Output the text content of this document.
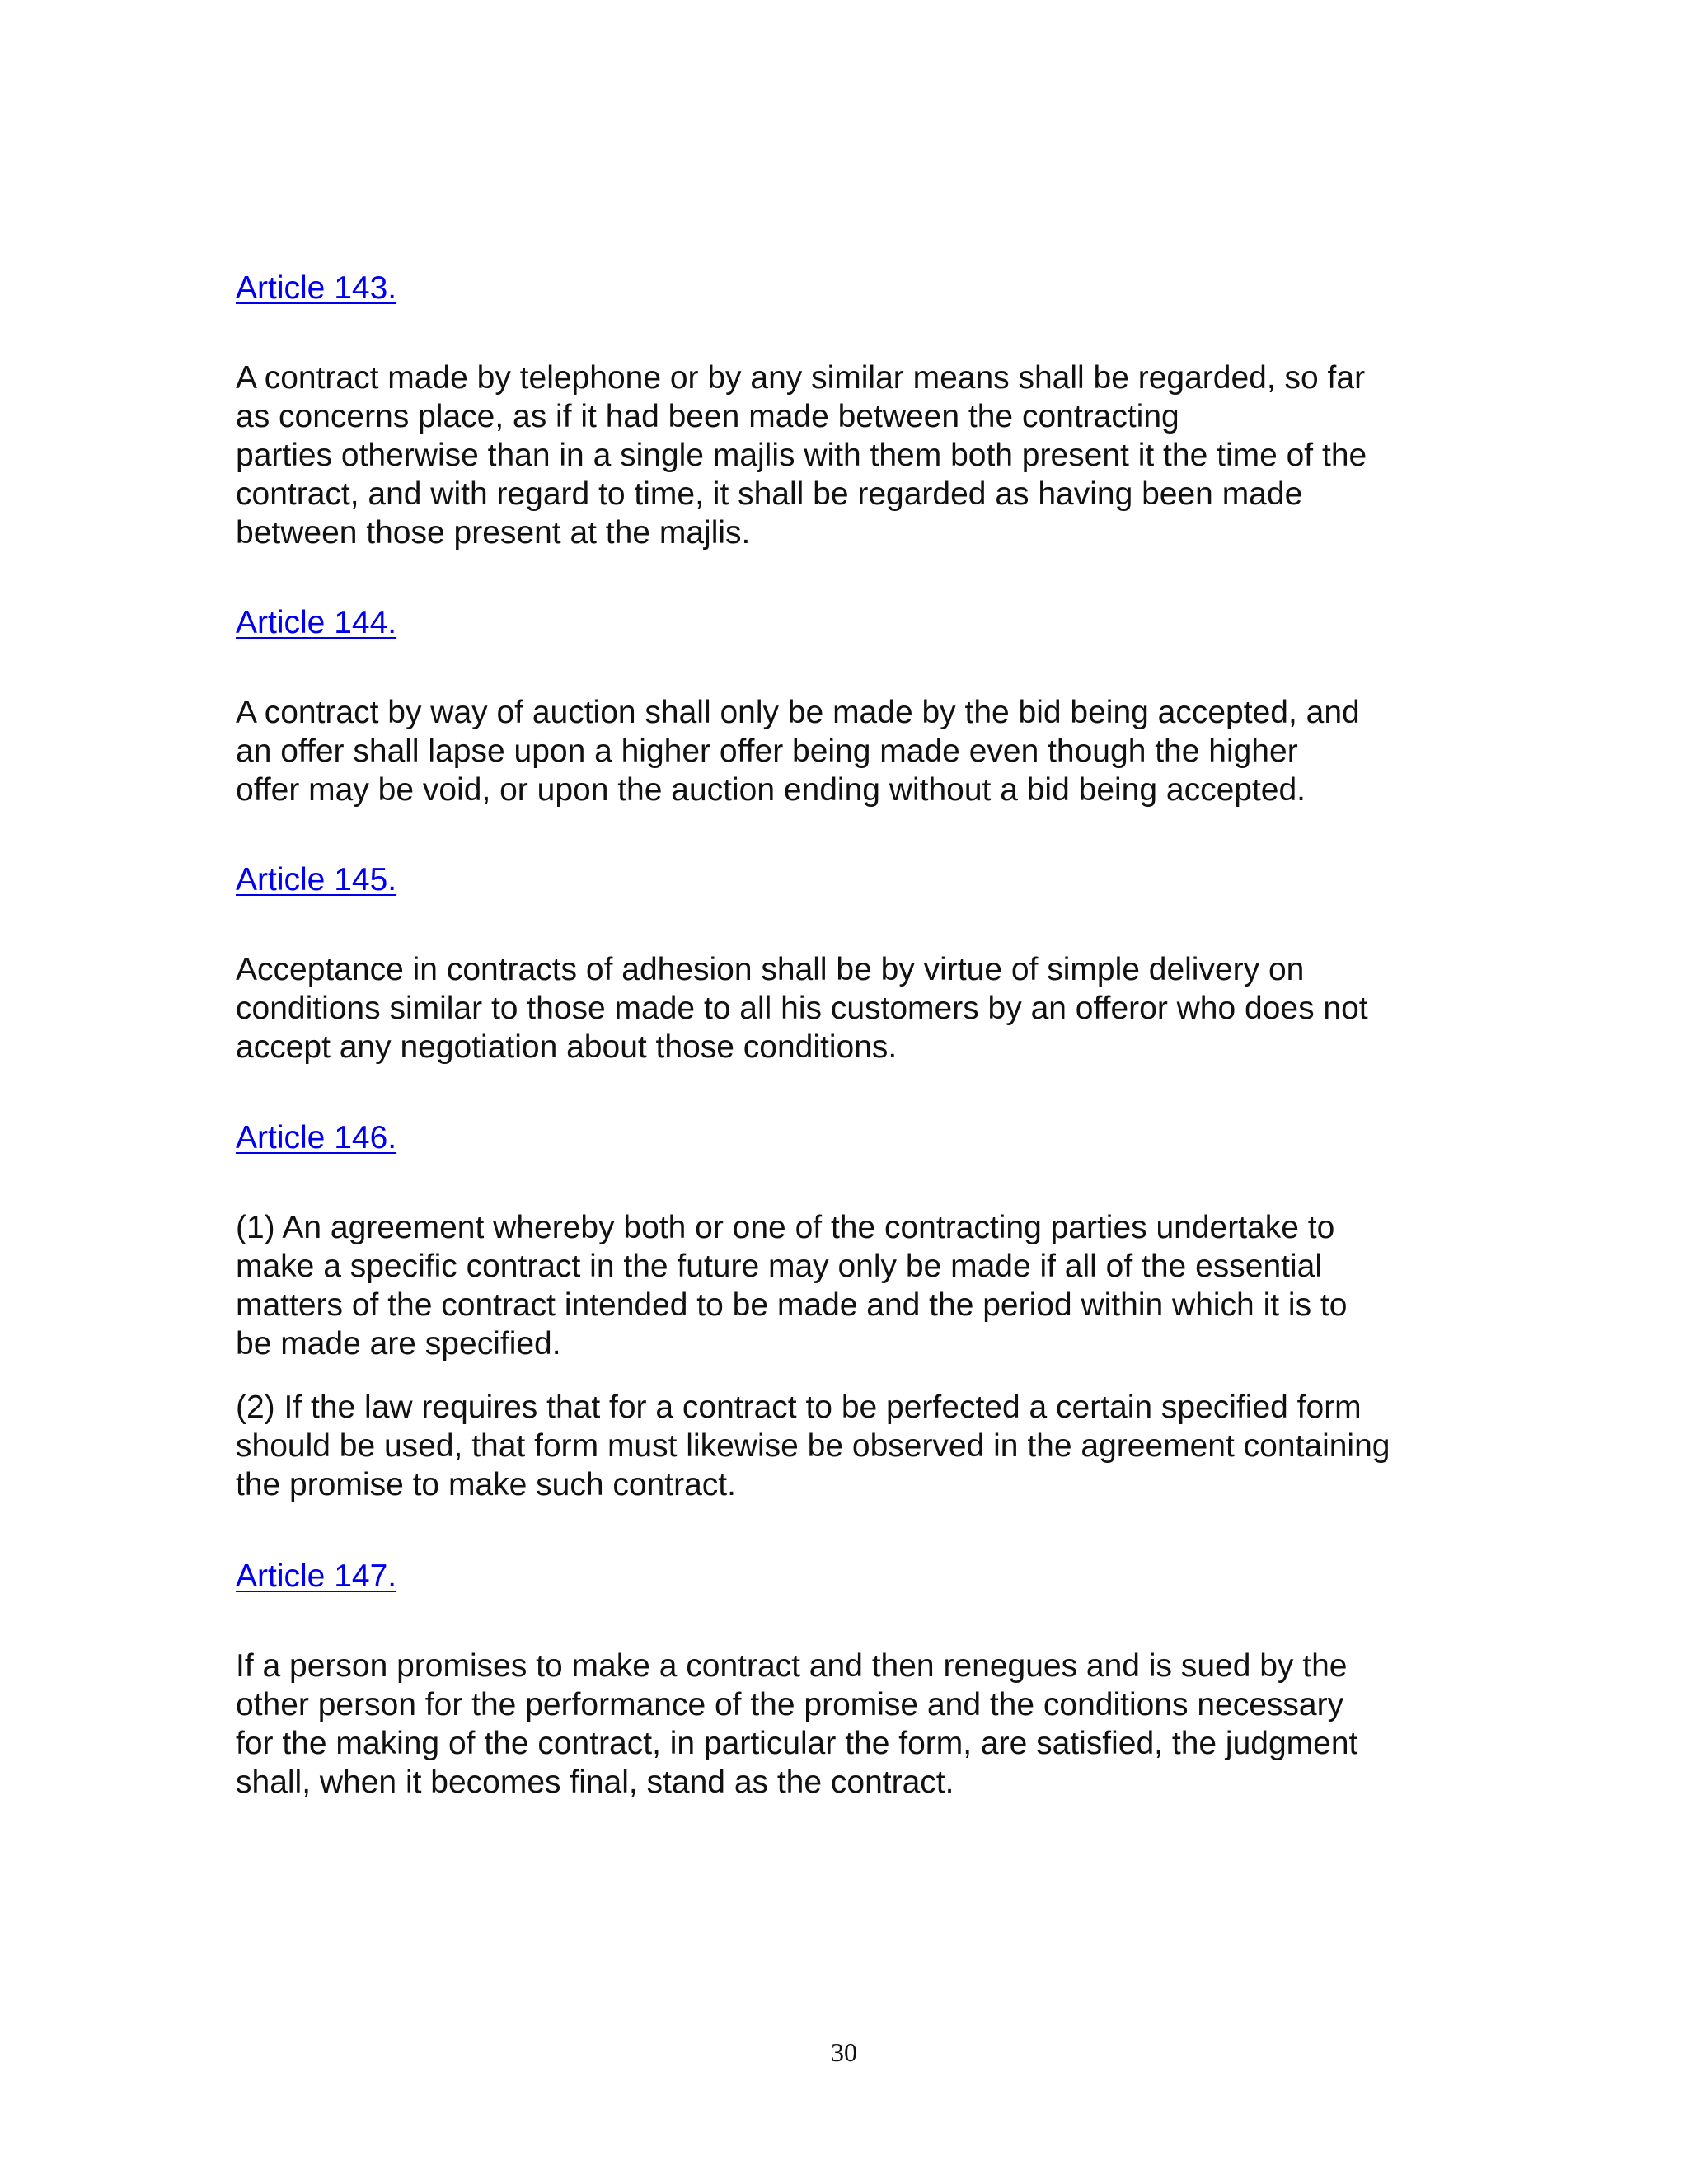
Article 143.

A contract made by telephone or by any similar means shall be regarded, so far
as concerns place, as if it had been made between the contracting
parties otherwise than in a single majlis with them both present it the time of the
contract, and with regard to time, it shall be regarded as having been made
between those present at the majlis.

Article 144.

A contract by way of auction shall only be made by the bid being accepted, and
an offer shall lapse upon a higher offer being made even though the higher
offer may be void, or upon the auction ending without a bid being accepted.

Article 145.

Acceptance in contracts of adhesion shall be by virtue of simple delivery on
conditions similar to those made to all his customers by an offeror who does not
accept any negotiation about those conditions.

Article 146.

(1) An agreement whereby both or one of the contracting parties undertake to
make a specific contract in the future may only be made if all of the essential
matters of the contract intended to be made and the period within which it is to
be made are specified.

(2) If the law requires that for a contract to be perfected a certain specified form
should be used, that form must likewise be observed in the agreement containing
the promise to make such contract.

Article 147.

If a person promises to make a contract and then renegues and is sued by the
other person for the performance of the promise and the conditions necessary
for the making of the contract, in particular the form, are satisfied, the judgment
shall, when it becomes final, stand as the contract.

30
